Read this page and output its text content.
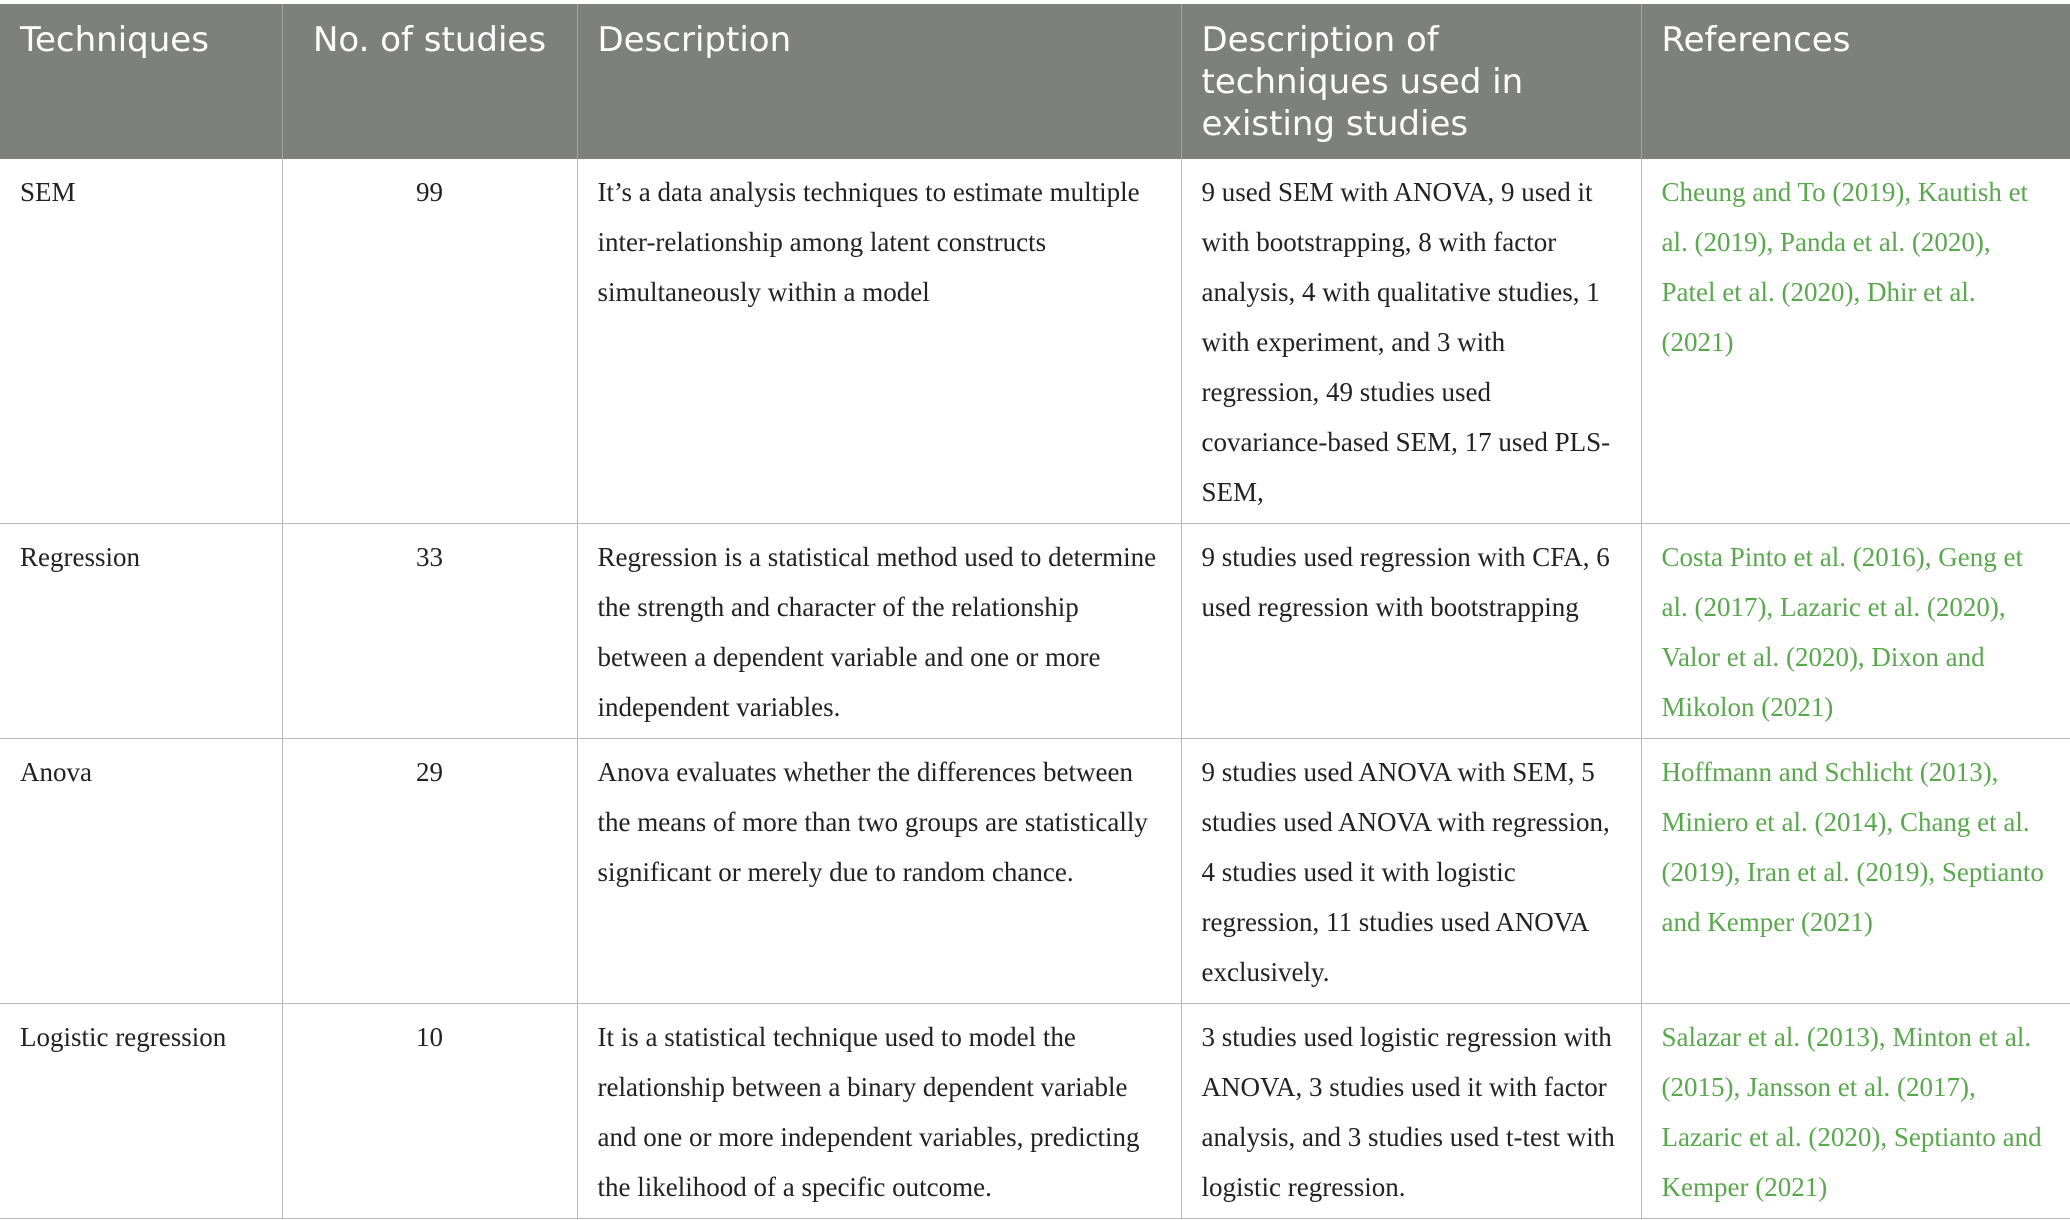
Techniques	No. of studies	Description	Description of techniques used in existing studies	References
SEM	99	It’s a data analysis techniques to estimate multiple inter-relationship among latent constructs simultaneously within a model	9 used SEM with ANOVA, 9 used it with bootstrapping, 8 with factor analysis, 4 with qualitative studies, 1 with experiment, and 3 with regression, 49 studies used covariance-based SEM, 17 used PLS-SEM,	Cheung and To (2019), Kautish et al. (2019), Panda et al. (2020), Patel et al. (2020), Dhir et al. (2021)
Regression	33	Regression is a statistical method used to determine the strength and character of the relationship between a dependent variable and one or more independent variables.	9 studies used regression with CFA, 6 used regression with bootstrapping	Costa Pinto et al. (2016), Geng et al. (2017), Lazaric et al. (2020), Valor et al. (2020), Dixon and Mikolon (2021)
Anova	29	Anova evaluates whether the differences between the means of more than two groups are statistically significant or merely due to random chance.	9 studies used ANOVA with SEM, 5 studies used ANOVA with regression, 4 studies used it with logistic regression, 11 studies used ANOVA exclusively.	Hoffmann and Schlicht (2013), Miniero et al. (2014), Chang et al. (2019), Iran et al. (2019), Septianto and Kemper (2021)
Logistic regression	10	It is a statistical technique used to model the relationship between a binary dependent variable and one or more independent variables, predicting the likelihood of a specific outcome.	3 studies used logistic regression with ANOVA, 3 studies used it with factor analysis, and 3 studies used t-test with logistic regression.	Salazar et al. (2013), Minton et al. (2015), Jansson et al. (2017), Lazaric et al. (2020), Septianto and Kemper (2021)
